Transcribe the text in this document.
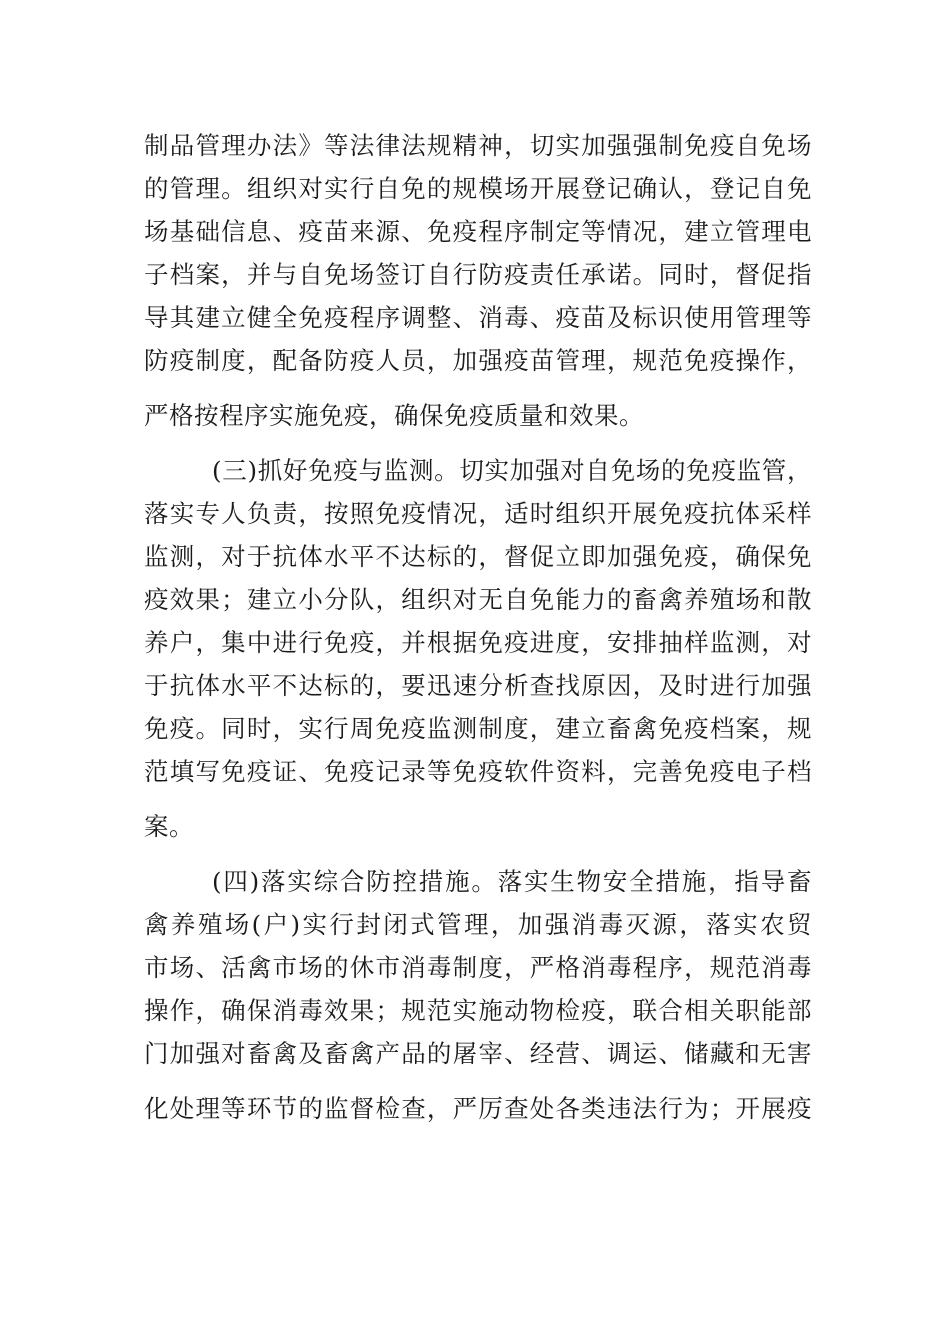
制品管理办法》等法律法规精神，切实加强强制免疫自免场
的管理。组织对实行自免的规模场开展登记确认，登记自免
场基础信息、疫苗来源、免疫程序制定等情况，建立管理电
子档案，并与自免场签订自行防疫责任承诺。同时，督促指
导其建立健全免疫程序调整、消毒、疫苗及标识使用管理等
防疫制度，配备防疫人员，加强疫苗管理，规范免疫操作，
严格按程序实施免疫，确保免疫质量和效果。
(三)抓好免疫与监测。切实加强对自免场的免疫监管，
落实专人负责，按照免疫情况，适时组织开展免疫抗体采样
监测，对于抗体水平不达标的，督促立即加强免疫，确保免
疫效果；建立小分队，组织对无自免能力的畜禽养殖场和散
养户，集中进行免疫，并根据免疫进度，安排抽样监测，对
于抗体水平不达标的，要迅速分析查找原因，及时进行加强
免疫。同时，实行周免疫监测制度，建立畜禽免疫档案，规
范填写免疫证、免疫记录等免疫软件资料，完善免疫电子档
案。
(四)落实综合防控措施。落实生物安全措施，指导畜
禽养殖场(户)实行封闭式管理，加强消毒灭源，落实农贸
市场、活禽市场的休市消毒制度，严格消毒程序，规范消毒
操作，确保消毒效果；规范实施动物检疫，联合相关职能部
门加强对畜禽及畜禽产品的屠宰、经营、调运、储藏和无害
化处理等环节的监督检查，严厉查处各类违法行为；开展疫
